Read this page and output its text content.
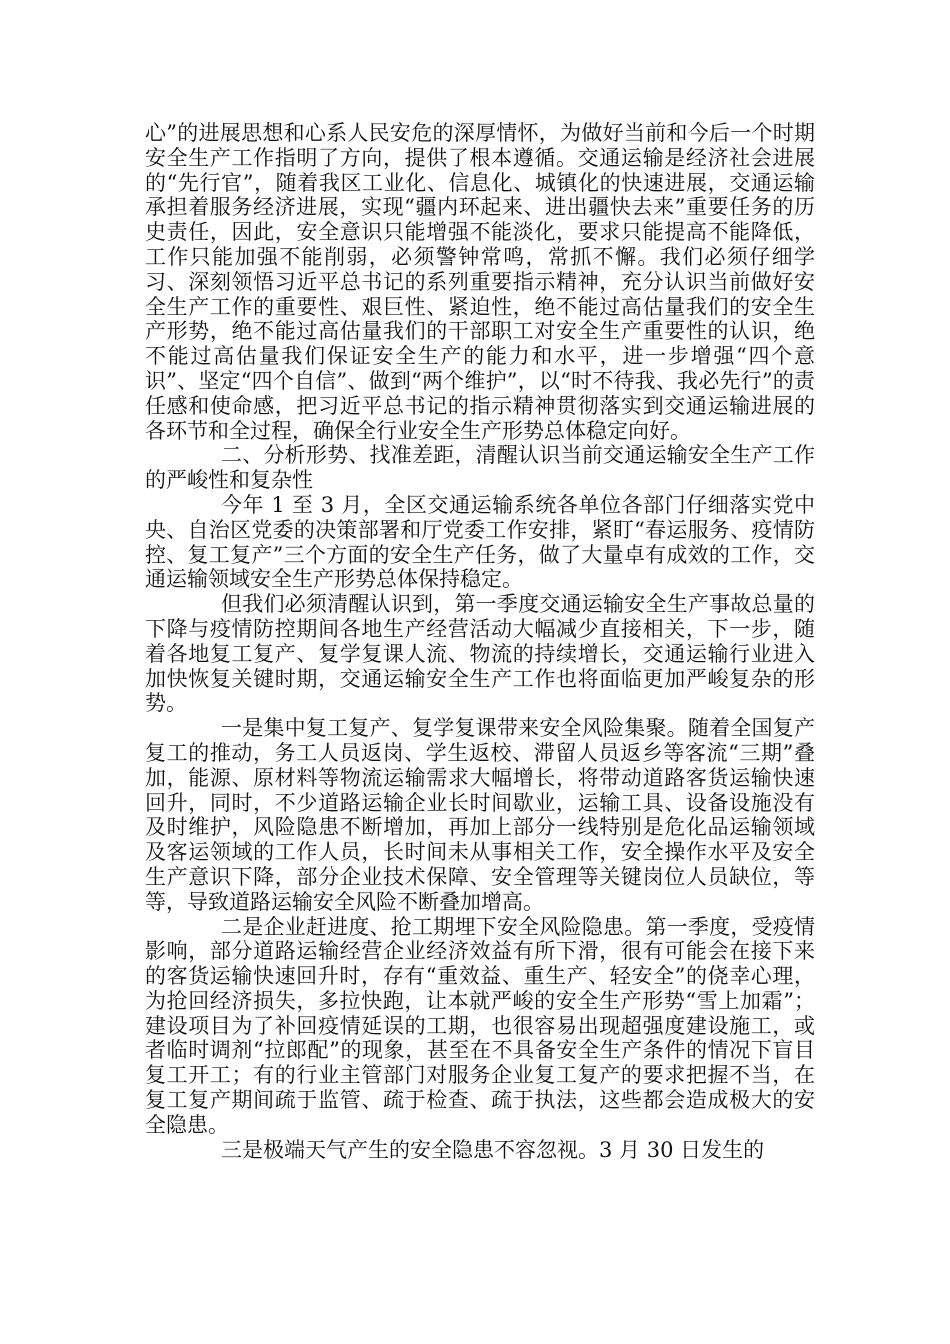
心”的进展思想和心系人民安危的深厚情怀，为做好当前和今后一个时期安全生产工作指明了方向，提供了根本遵循。交通运输是经济社会进展的“先行官”，随着我区工业化、信息化、城镇化的快速进展，交通运输承担着服务经济进展，实现“疆内环起来、进出疆快去来”重要任务的历史责任，因此，安全意识只能增强不能淡化，要求只能提高不能降低，工作只能加强不能削弱，必须警钟常鸣，常抓不懈。我们必须仔细学习、深刻领悟习近平总书记的系列重要指示精神，充分认识当前做好安全生产工作的重要性、艰巨性、紧迫性，绝不能过高估量我们的安全生产形势，绝不能过高估量我们的干部职工对安全生产重要性的认识，绝不能过高估量我们保证安全生产的能力和水平，进一步增强“四个意识”、坚定“四个自信”、做到“两个维护”，以“时不待我、我必先行”的责任感和使命感，把习近平总书记的指示精神贯彻落实到交通运输进展的各环节和全过程，确保全行业安全生产形势总体稳定向好。

二、分析形势、找准差距，清醒认识当前交通运输安全生产工作的严峻性和复杂性

今年 1 至 3 月，全区交通运输系统各单位各部门仔细落实党中央、自治区党委的决策部署和厅党委工作安排，紧盯“春运服务、疫情防控、复工复产”三个方面的安全生产任务，做了大量卓有成效的工作，交通运输领域安全生产形势总体保持稳定。

但我们必须清醒认识到，第一季度交通运输安全生产事故总量的下降与疫情防控期间各地生产经营活动大幅减少直接相关，下一步，随着各地复工复产、复学复课人流、物流的持续增长，交通运输行业进入加快恢复关键时期，交通运输安全生产工作也将面临更加严峻复杂的形势。

一是集中复工复产、复学复课带来安全风险集聚。随着全国复产复工的推动，务工人员返岗、学生返校、滞留人员返乡等客流“三期”叠加，能源、原材料等物流运输需求大幅增长，将带动道路客货运输快速回升，同时，不少道路运输企业长时间歇业，运输工具、设备设施没有及时维护，风险隐患不断增加，再加上部分一线特别是危化品运输领域及客运领域的工作人员，长时间未从事相关工作，安全操作水平及安全生产意识下降，部分企业技术保障、安全管理等关键岗位人员缺位，等等，导致道路运输安全风险不断叠加增高。

二是企业赶进度、抢工期埋下安全风险隐患。第一季度，受疫情影响，部分道路运输经营企业经济效益有所下滑，很有可能会在接下来的客货运输快速回升时，存有“重效益、重生产、轻安全”的侥幸心理，为抢回经济损失，多拉快跑，让本就严峻的安全生产形势“雪上加霜”；建设项目为了补回疫情延误的工期，也很容易出现超强度建设施工，或者临时调剂“拉郎配”的现象，甚至在不具备安全生产条件的情况下盲目复工开工；有的行业主管部门对服务企业复工复产的要求把握不当，在复工复产期间疏于监管、疏于检查、疏于执法，这些都会造成极大的安全隐患。

三是极端天气产生的安全隐患不容忽视。3 月 30 日发生的
